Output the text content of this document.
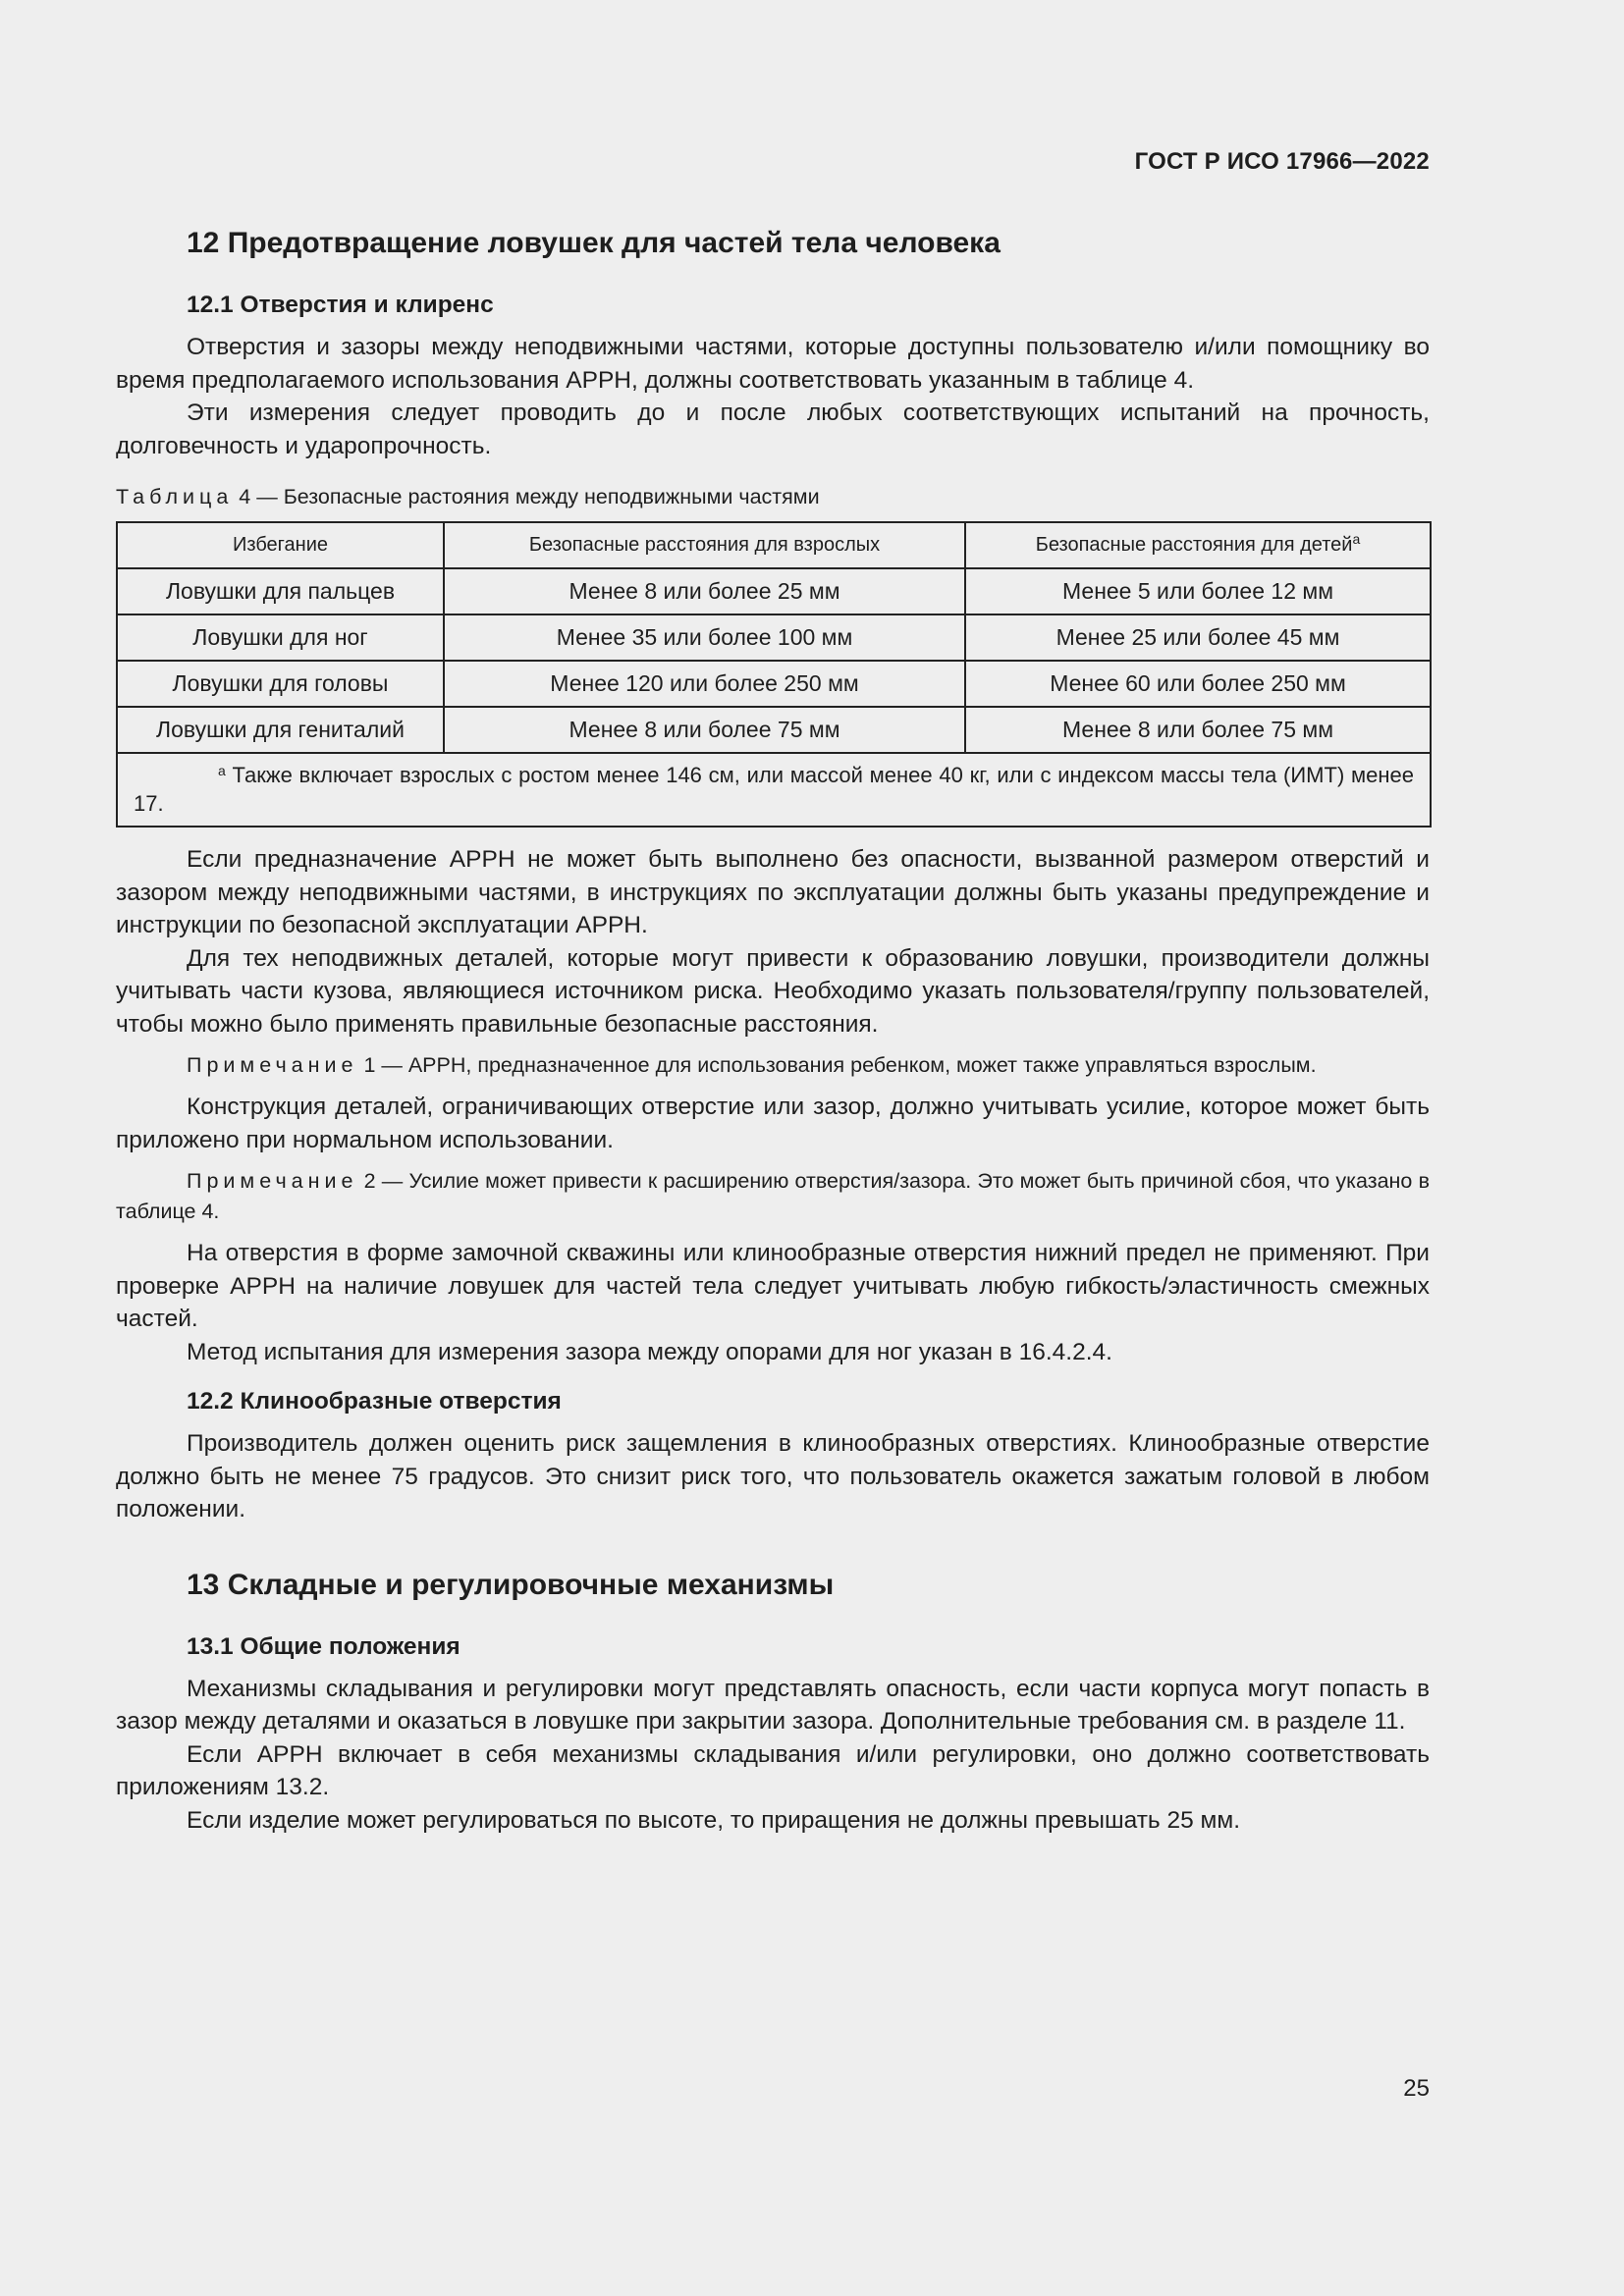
ГОСТ Р ИСО 17966—2022
12 Предотвращение ловушек для частей тела человека
12.1 Отверстия и клиренс

Отверстия и зазоры между неподвижными частями, которые доступны пользователю и/или помощнику во время предполагаемого использования АРРН, должны соответствовать указанным в таблице 4.

Эти измерения следует проводить до и после любых соответствующих испытаний на прочность, долговечность и ударопрочность.

Таблица 4 — Безопасные растояния между неподвижными частями
Избегание	Безопасные расстояния для взрослых	Безопасные расстояния для детей$^a$
Ловушки для пальцев	Менее 8 или более 25 мм	Менее 5 или более 12 мм
Ловушки для ног	Менее 35 или более 100 мм	Менее 25 или более 45 мм
Ловушки для головы	Менее 120 или более 250 мм	Менее 60 или более 250 мм
Ловушки для гениталий	Менее 8 или более 75 мм	Менее 8 или более 75 мм
$^a$ Также включает взрослых с ростом менее 146 см, или массой менее 40 кг, или с индексом массы тела (ИМТ) менее 17.		

Если предназначение АРРН не может быть выполнено без опасности, вызванной размером отверстий и зазором между неподвижными частями, в инструкциях по эксплуатации должны быть указаны предупреждение и инструкции по безопасной эксплуатации АРРН.

Для тех неподвижных деталей, которые могут привести к образованию ловушки, производители должны учитывать части кузова, являющиеся источником риска. Необходимо указать пользователя/группу пользователей, чтобы можно было применять правильные безопасные расстояния.

Примечание 1 — АРРН, предназначенное для использования ребенком, может также управляться взрослым.

Конструкция деталей, ограничивающих отверстие или зазор, должно учитывать усилие, которое может быть приложено при нормальном использовании.

Примечание 2 — Усилие может привести к расширению отверстия/зазора. Это может быть причиной сбоя, что указано в таблице 4.

На отверстия в форме замочной скважины или клинообразные отверстия нижний предел не применяют. При проверке АРРН на наличие ловушек для частей тела следует учитывать любую гибкость/эластичность смежных частей.

Метод испытания для измерения зазора между опорами для ног указан в 16.4.2.4.

12.2 Клинообразные отверстия

Производитель должен оценить риск защемления в клинообразных отверстиях. Клинообразные отверстие должно быть не менее 75 градусов. Это снизит риск того, что пользователь окажется зажатым головой в любом положении.

13 Складные и регулировочные механизмы
13.1 Общие положения

Механизмы складывания и регулировки могут представлять опасность, если части корпуса могут попасть в зазор между деталями и оказаться в ловушке при закрытии зазора. Дополнительные требования см. в разделе 11.

Если АРРН включает в себя механизмы складывания и/или регулировки, оно должно соответствовать приложениям 13.2.

Если изделие может регулироваться по высоте, то приращения не должны превышать 25 мм.

25
